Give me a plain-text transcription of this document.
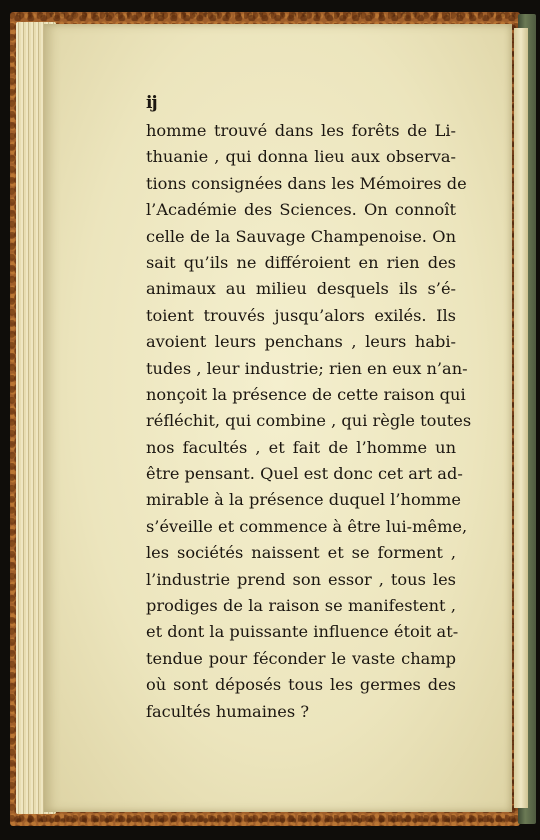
ij
homme trouvé dans les forêts de Li-
thuanie , qui donna lieu aux observa-
tions consignées dans les Mémoires de
l’Académie des Sciences. On connoît
celle de la Sauvage Champenoise. On
sait qu’ils ne différoient en rien des
animaux au milieu desquels ils s’é-
toient trouvés jusqu’alors exilés. Ils
avoient leurs penchans , leurs habi-
tudes , leur industrie; rien en eux n’an-
nonçoit la présence de cette raison qui
réfléchit, qui combine , qui règle toutes
nos facultés , et fait de l’homme un
être pensant. Quel est donc cet art ad-
mirable à la présence duquel l’homme
s’éveille et commence à être lui-même,
les sociétés naissent et se forment ,
l’industrie prend son essor , tous les
prodiges de la raison se manifestent ,
et dont la puissante influence étoit at-
tendue pour féconder le vaste champ
où sont déposés tous les germes des
facultés humaines ?
